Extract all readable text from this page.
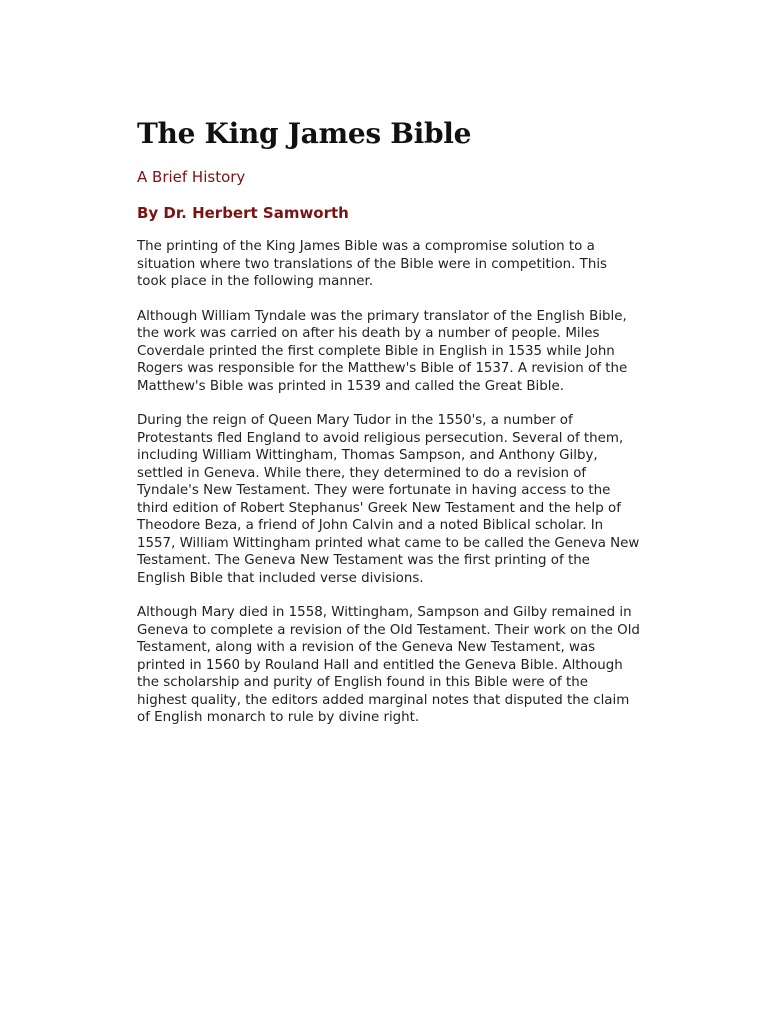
The King James Bible
A Brief History
By Dr. Herbert Samworth

The printing of the King James Bible was a compromise solution to a situation where two translations of the Bible were in competition. This took place in the following manner.

Although William Tyndale was the primary translator of the English Bible, the work was carried on after his death by a number of people. Miles Coverdale printed the first complete Bible in English in 1535 while John Rogers was responsible for the Matthew's Bible of 1537. A revision of the Matthew's Bible was printed in 1539 and called the Great Bible.

During the reign of Queen Mary Tudor in the 1550's, a number of Protestants fled England to avoid religious persecution. Several of them, including William Wittingham, Thomas Sampson, and Anthony Gilby, settled in Geneva. While there, they determined to do a revision of Tyndale's New Testament. They were fortunate in having access to the third edition of Robert Stephanus' Greek New Testament and the help of Theodore Beza, a friend of John Calvin and a noted Biblical scholar. In 1557, William Wittingham printed what came to be called the Geneva New Testament. The Geneva New Testament was the first printing of the English Bible that included verse divisions.

Although Mary died in 1558, Wittingham, Sampson and Gilby remained in Geneva to complete a revision of the Old Testament. Their work on the Old Testament, along with a revision of the Geneva New Testament, was printed in 1560 by Rouland Hall and entitled the Geneva Bible. Although the scholarship and purity of English found in this Bible were of the highest quality, the editors added marginal notes that disputed the claim of English monarch to rule by divine right.
